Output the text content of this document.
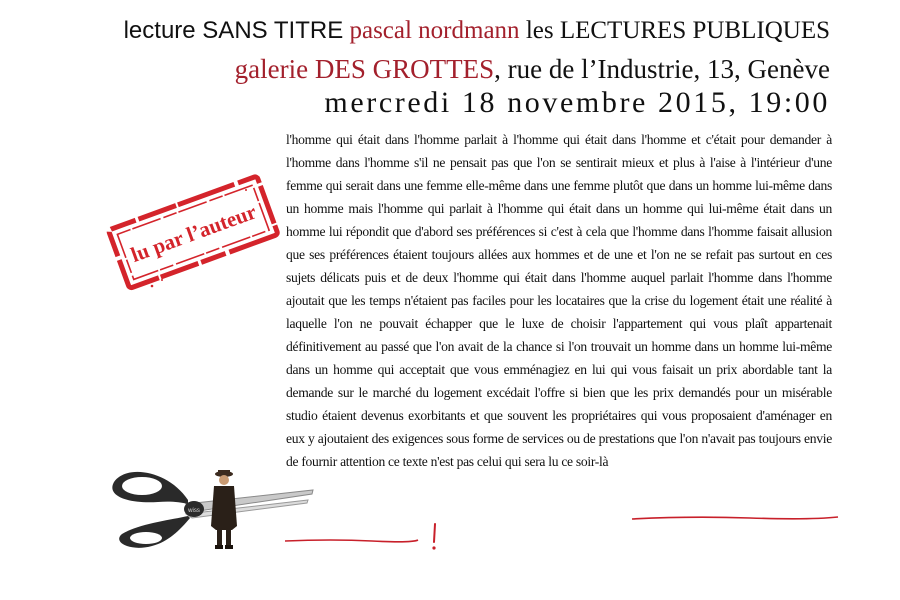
lecture SANS TITRE pascal nordmann les LECTURES PUBLIQUES
galerie DES GROTTES, rue de l’Industrie, 13, Genève
mercredi 18 novembre 2015, 19:00
lu par l’auteur
l'homme qui était dans l'homme parlait à l'homme qui était dans l'homme et c'était pour demander à l'homme dans l'homme s'il ne pensait pas que l'on se sentirait mieux et plus à l'aise à l'intérieur d'une femme qui serait dans une femme elle-même dans une femme plutôt que dans un homme lui-même dans un homme mais l'homme qui parlait à l'homme qui était dans un homme qui lui-même était dans un homme lui répondit que d'abord ses préférences si c'est à cela que l'homme dans l'homme faisait allusion que ses préférences étaient toujours allées aux hommes et de une et l'on ne se refait pas surtout en ces sujets délicats puis et de deux l'homme qui était dans l'homme auquel parlait l'homme dans l'homme ajoutait que les temps n'étaient pas faciles pour les locataires que la crise du logement était une réalité à laquelle l'on ne pouvait échapper que le luxe de choisir l'appartement qui vous plaît appartenait définitivement au passé que l'on avait de la chance si l'on trouvait un homme dans un homme lui-même dans un homme qui acceptait que vous emménagiez en lui qui vous faisait un prix abordable tant la demande sur le marché du logement excédait l'offre si bien que les prix demandés pour un misérable studio étaient devenus exorbitants et que souvent les propriétaires qui vous proposaient d'aménager en eux y ajoutaient des exigences sous forme de services ou de prestations que l'on n'avait pas toujours envie de fournir attention ce texte n'est pas celui qui sera lu ce soir-là
wiss
